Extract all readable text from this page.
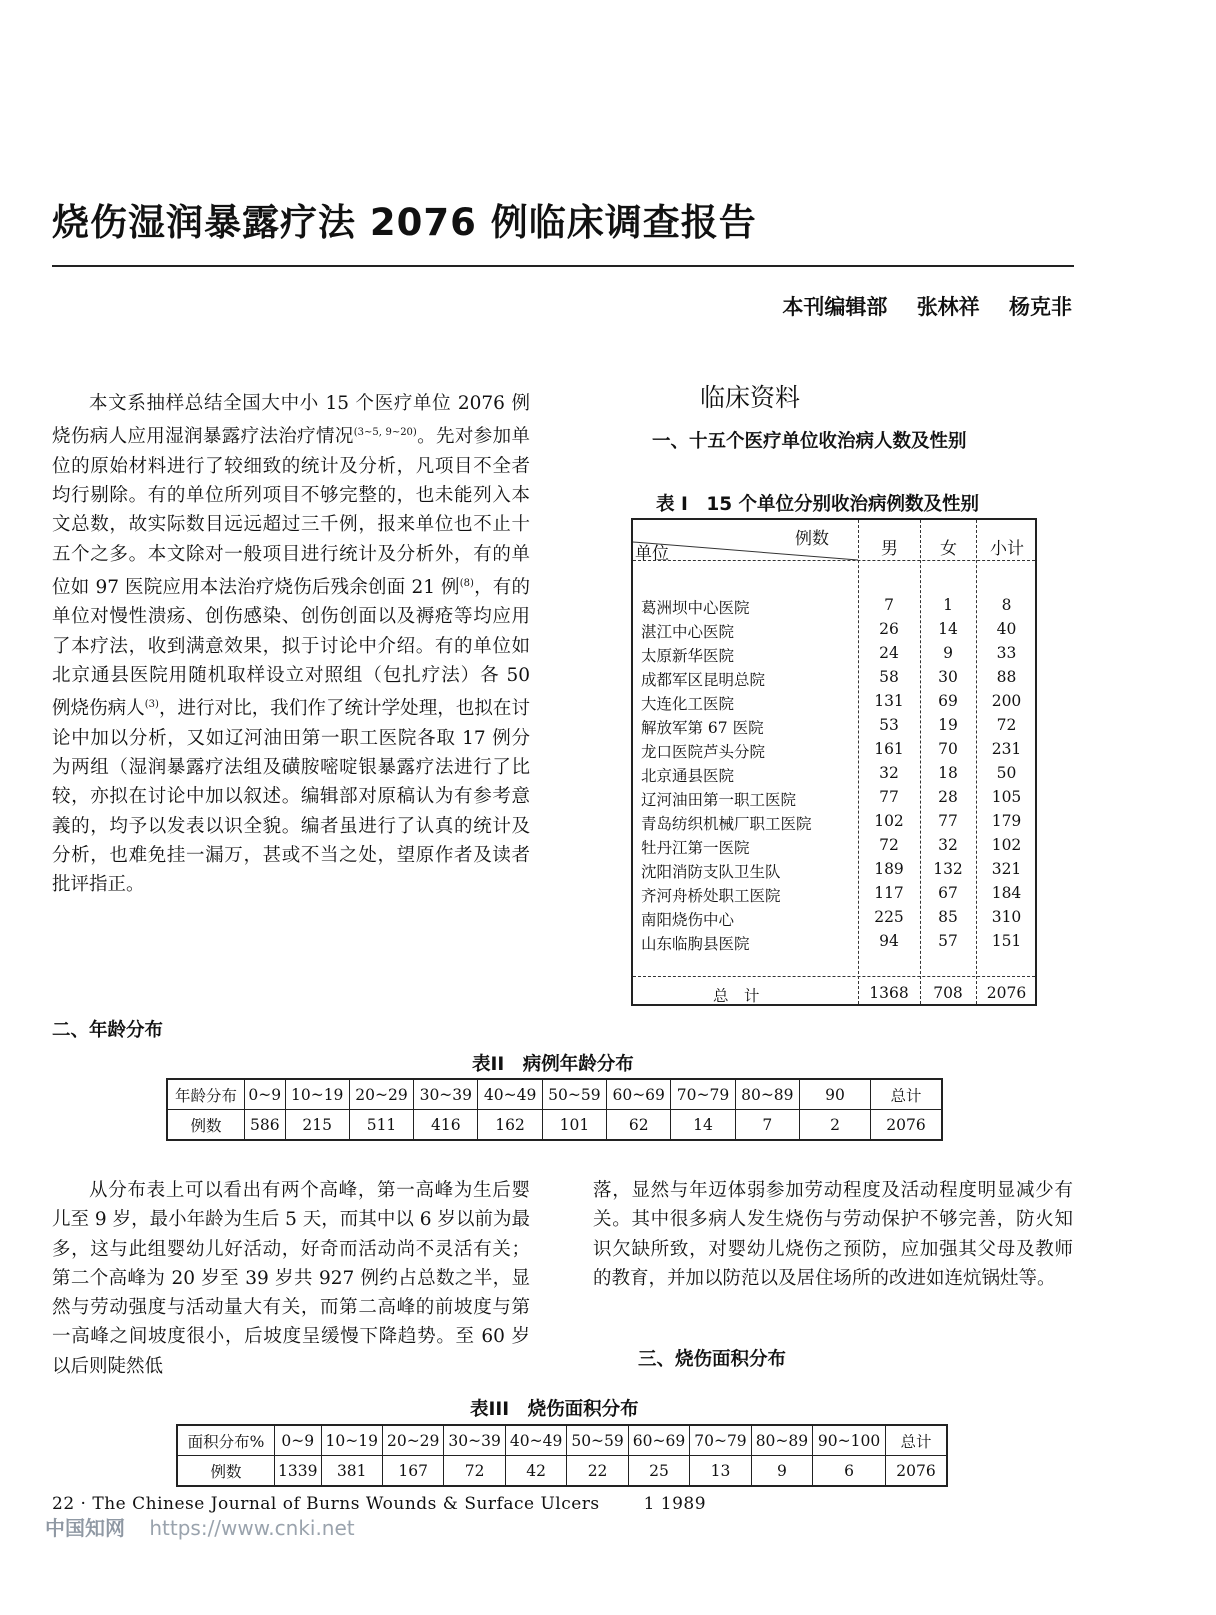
烧伤湿润暴露疗法 2076 例临床调查报告
本刊编辑部 张林祥 杨克非
本文系抽样总结全国大中小 15 个医疗单位 2076 例烧伤病人应用湿润暴露疗法治疗情况$^{(3\sim 5, 9\sim 20)}$。先对参加单位的原始材料进行了较细致的统计及分析，凡项目不全者均行剔除。有的单位所列项目不够完整的，也未能列入本文总数，故实际数目远远超过三千例，报来单位也不止十五个之多。本文除对一般项目进行统计及分析外，有的单位如 97 医院应用本法治疗烧伤后残余创面 21 例$^{(8)}$，有的单位对慢性溃疡、创伤感染、创伤创面以及褥疮等均应用了本疗法，收到满意效果，拟于讨论中介绍。有的单位如北京通县医院用随机取样设立对照组（包扎疗法）各 50 例烧伤病人$^{(3)}$，进行对比，我们作了统计学处理，也拟在讨论中加以分析，又如辽河油田第一职工医院各取 17 例分为两组（湿润暴露疗法组及磺胺嘧啶银暴露疗法进行了比较，亦拟在讨论中加以叙述。编辑部对原稿认为有参考意義的，均予以发表以识全貌。编者虽进行了认真的统计及分析，也难免挂一漏万，甚或不当之处，望原作者及读者批评指正。
临床资料
一、十五个医疗单位收治病人数及性别
表 I　15 个单位分别收治病例数及性别
例数
单位	男 女 小计
葛洲坝中心医院	7	1	8
湛江中心医院	26	14	40
太原新华医院	24	9	33
成都军区昆明总院	58	30	88
大连化工医院	131	69	200
解放军第 67 医院	53	19	72
龙口医院芦头分院	161	70	231
北京通县医院	32	18	50
辽河油田第一职工医院	77	28	105
青岛纺织机械厂职工医院	102	77	179
牡丹江第一医院	72	32	102
沈阳消防支队卫生队	189	132	321
齐河舟桥处职工医院	117	67	184
南阳烧伤中心	225	85	310
山东临朐县医院	94	57	151
总　计	1368	708	2076
二、年龄分布
表II　病例年龄分布
年龄分布	0~9	10~19	20~29	30~39	40~49	50~59	60~69	70~79	80~89	90	总计
例数	586	215	511	416	162	101	62	14	7	2	2076
从分布表上可以看出有两个高峰，第一高峰为生后婴儿至 9 岁，最小年龄为生后 5 天，而其中以 6 岁以前为最多，这与此组婴幼儿好活动，好奇而活动尚不灵活有关；第二个高峰为 20 岁至 39 岁共 927 例约占总数之半，显然与劳动强度与活动量大有关，而第二高峰的前坡度与第一高峰之间坡度很小，后坡度呈缓慢下降趋势。至 60 岁以后则陡然低
落，显然与年迈体弱参加劳动程度及活动程度明显减少有关。其中很多病人发生烧伤与劳动保护不够完善，防火知识欠缺所致，对婴幼儿烧伤之预防，应加强其父母及教师的教育，并加以防范以及居住场所的改进如连炕锅灶等。
三、烧伤面积分布
表III　烧伤面积分布
面积分布%	0~9	10~19	20~29	30~39	40~49	50~59	60~69	70~79	80~89	90~100	总计
例数	1339	381	167	72	42	22	25	13	9	6	2076
22 · The Chinese Journal of Burns Wounds & Surface Ulcers	1 1989
中国知网 https://www.cnki.net
